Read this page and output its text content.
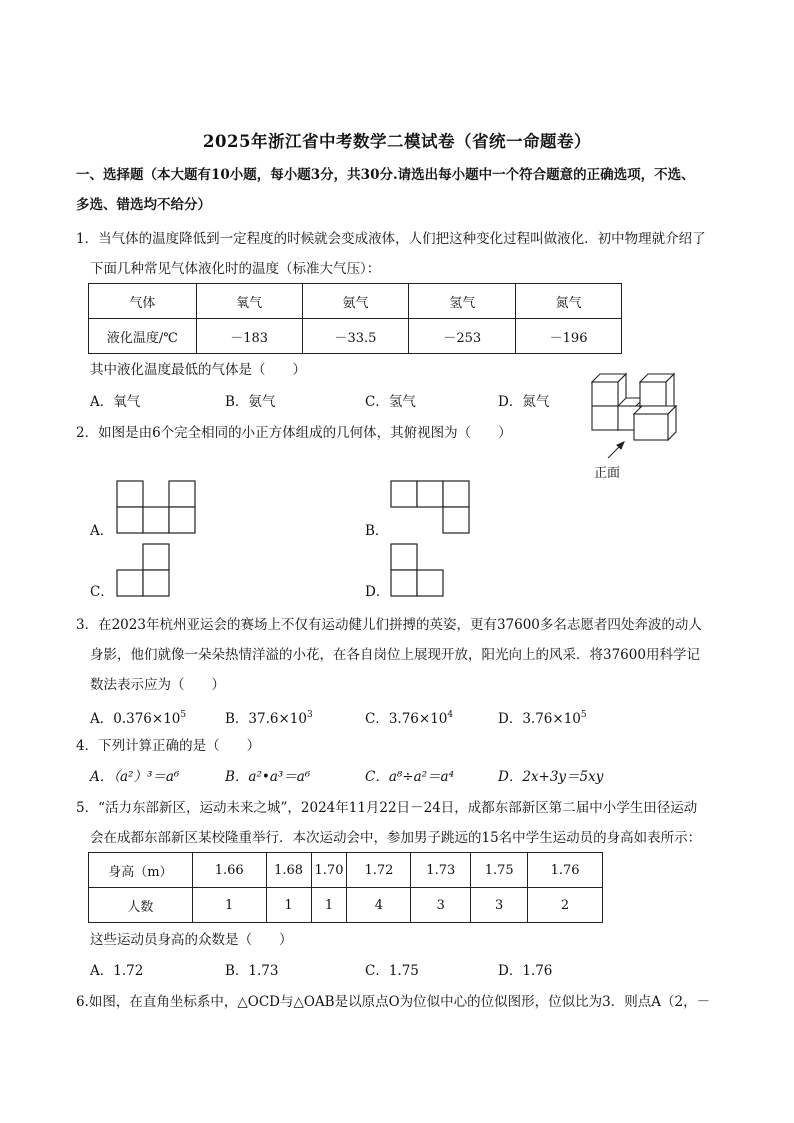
2025年浙江省中考数学二模试卷（省统一命题卷）
一、选择题（本大题有10小题，每小题3分，共30分.请选出每小题中一个符合题意的正确选项，不选、
多选、错选均不给分）
1．当气体的温度降低到一定程度的时候就会变成液体，人们把这种变化过程叫做液化．初中物理就介绍了
下面几种常见气体液化时的温度（标准大气压）：
气体	氧气	氨气	氢气	氮气
液化温度/℃	－183	－33.5	－253	－196
其中液化温度最低的气体是（　　）
A．氧气	B．氨气	C．氢气	D．氮气
2．如图是由6个完全相同的小正方体组成的几何体，其俯视图为（　　）
正面
A．	B．
C．	D．
3．在2023年杭州亚运会的赛场上不仅有运动健儿们拼搏的英姿，更有37600多名志愿者四处奔波的动人
身影，他们就像一朵朵热情洋溢的小花，在各自岗位上展现开放，阳光向上的风采．将37600用科学记
数法表示应为（　　）
A．$0.376\times 10^5$	B．$37.6\times 10^3$	C．$3.76\times 10^4$	D．$3.76\times 10^5$
4．下列计算正确的是（　　）
A．（a²）³＝a⁶	B．a²•a³＝a⁶	C．a⁸÷a²＝a⁴	D．2x+3y＝5xy
5．“活力东部新区，运动未来之城”，2024年11月22日－24日，成都东部新区第二届中小学生田径运动
会在成都东部新区某校隆重举行．本次运动会中，参加男子跳远的15名中学生运动员的身高如表所示：
身高（m）	1.66	1.68	1.70	1.72	1.73	1.75	1.76
人数	1	1	1	4	3	3	2
这些运动员身高的众数是（　　）
A．1.72	B．1.73	C．1.75	D．1.76
6.如图，在直角坐标系中，△OCD与△OAB是以原点O为位似中心的位似图形，位似比为3．则点A（2，－
